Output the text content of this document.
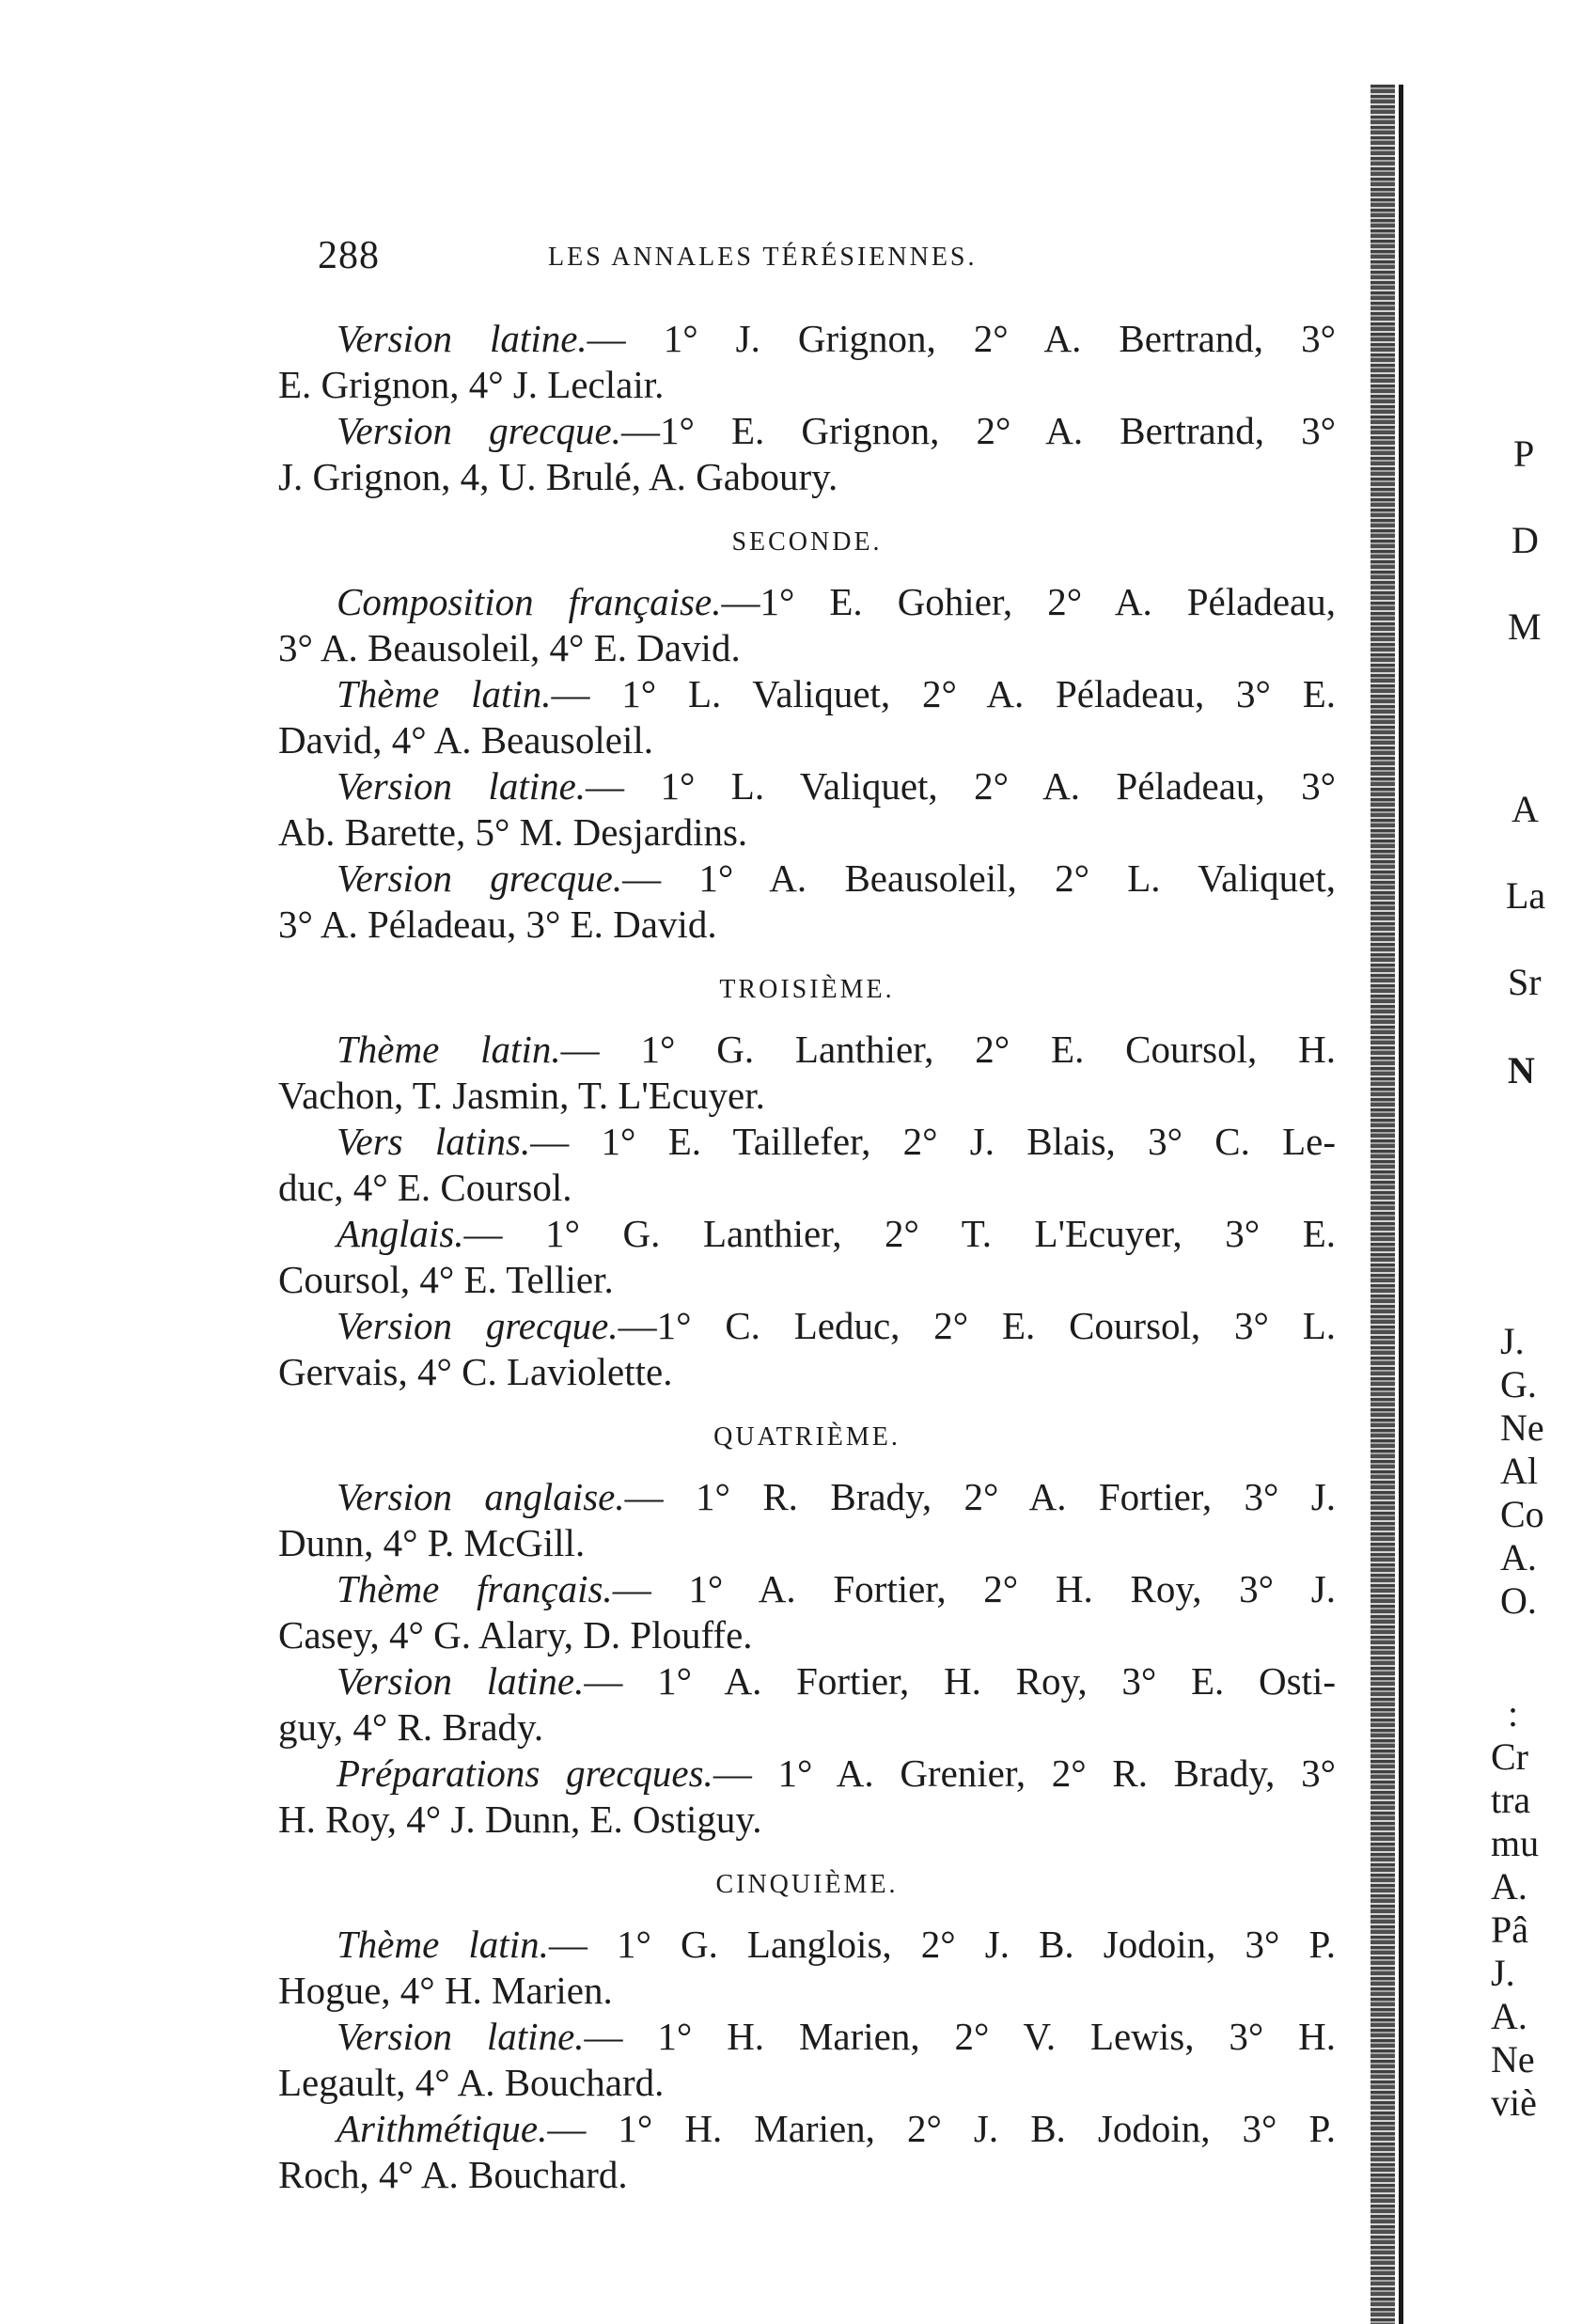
288	LES ANNALES TÉRÉSIENNES.
Version latine.— 1° J. Grignon, 2° A. Bertrand, 3°
E. Grignon, 4° J. Leclair.
Version grecque.—1° E. Grignon, 2° A. Bertrand, 3°
J. Grignon, 4, U. Brulé, A. Gaboury.
SECONDE.
Composition française.—1° E. Gohier, 2° A. Péladeau,
3° A. Beausoleil, 4° E. David.
Thème latin.— 1° L. Valiquet, 2° A. Péladeau, 3° E.
David, 4° A. Beausoleil.
Version latine.— 1° L. Valiquet, 2° A. Péladeau, 3°
Ab. Barette, 5° M. Desjardins.
Version grecque.— 1° A. Beausoleil, 2° L. Valiquet,
3° A. Péladeau, 3° E. David.
TROISIÈME.
Thème latin.— 1° G. Lanthier, 2° E. Coursol, H.
Vachon, T. Jasmin, T. L'Ecuyer.
Vers latins.— 1° E. Taillefer, 2° J. Blais, 3° C. Le-
duc, 4° E. Coursol.
Anglais.— 1° G. Lanthier, 2° T. L'Ecuyer, 3° E.
Coursol, 4° E. Tellier.
Version grecque.—1° C. Leduc, 2° E. Coursol, 3° L.
Gervais, 4° C. Laviolette.
QUATRIÈME.
Version anglaise.— 1° R. Brady, 2° A. Fortier, 3° J.
Dunn, 4° P. McGill.
Thème français.— 1° A. Fortier, 2° H. Roy, 3° J.
Casey, 4° G. Alary, D. Plouffe.
Version latine.— 1° A. Fortier, H. Roy, 3° E. Osti-
guy, 4° R. Brady.
Préparations grecques.— 1° A. Grenier, 2° R. Brady, 3°
H. Roy, 4° J. Dunn, E. Ostiguy.
CINQUIÈME.
Thème latin.— 1° G. Langlois, 2° J. B. Jodoin, 3° P.
Hogue, 4° H. Marien.
Version latine.— 1° H. Marien, 2° V. Lewis, 3° H.
Legault, 4° A. Bouchard.
Arithmétique.— 1° H. Marien, 2° J. B. Jodoin, 3° P.
Roch, 4° A. Bouchard.
P
D
M
A
La
Sr
N
J.
G.
Ne
Al
Co
A.
O.
:
Cr
tra
mu
A.
Pâ
J.
A.
Ne
viè
